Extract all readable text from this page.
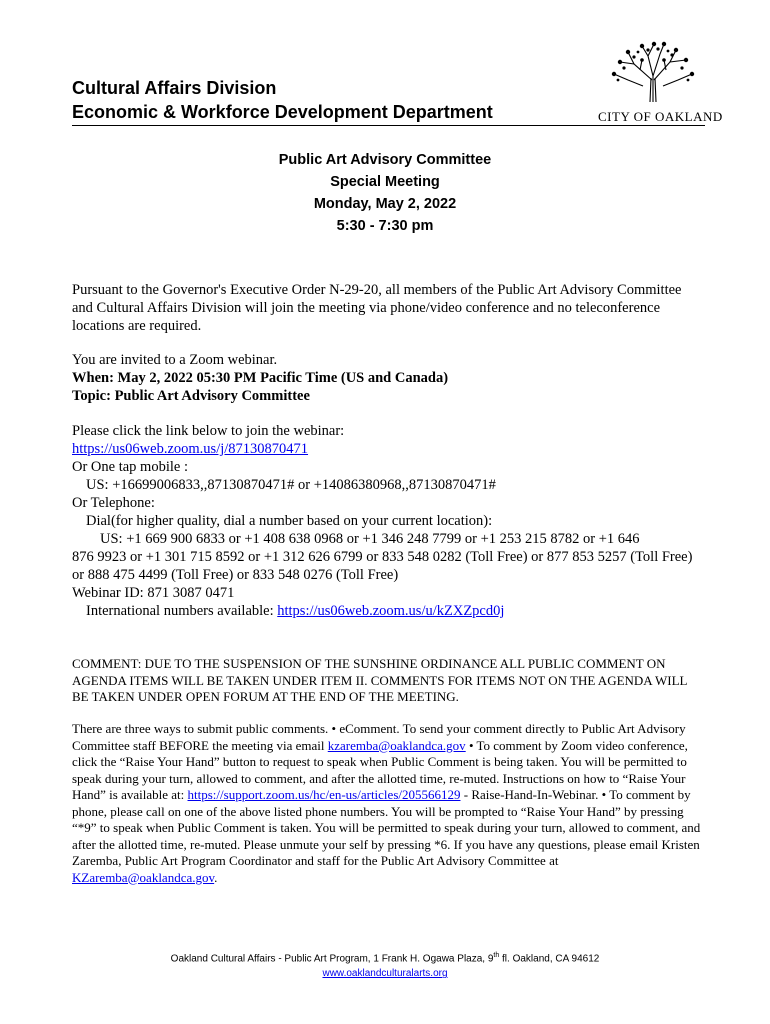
Cultural Affairs Division
Economic & Workforce Development Department	CITY OF OAKLAND
Public Art Advisory Committee
Special Meeting
Monday, May 2, 2022
5:30 - 7:30 pm
Pursuant to the Governor's Executive Order N-29-20, all members of the Public Art Advisory Committee and Cultural Affairs Division will join the meeting via phone/video conference and no teleconference locations are required.
You are invited to a Zoom webinar.
When: May 2, 2022 05:30 PM Pacific Time (US and Canada)
Topic: Public Art Advisory Committee
Please click the link below to join the webinar:
https://us06web.zoom.us/j/87130870471
Or One tap mobile :
US: +16699006833,,87130870471# or +14086380968,,87130870471#
Or Telephone:
Dial(for higher quality, dial a number based on your current location):
US: +1 669 900 6833 or +1 408 638 0968 or +1 346 248 7799 or +1 253 215 8782 or +1 646
876 9923 or +1 301 715 8592 or +1 312 626 6799 or 833 548 0282 (Toll Free) or 877 853 5257 (Toll Free) or 888 475 4499 (Toll Free) or 833 548 0276 (Toll Free)
Webinar ID: 871 3087 0471
International numbers available: https://us06web.zoom.us/u/kZXZpcd0j
COMMENT: DUE TO THE SUSPENSION OF THE SUNSHINE ORDINANCE ALL PUBLIC COMMENT ON AGENDA ITEMS WILL BE TAKEN UNDER ITEM II. COMMENTS FOR ITEMS NOT ON THE AGENDA WILL BE TAKEN UNDER OPEN FORUM AT THE END OF THE MEETING.
There are three ways to submit public comments. • eComment. To send your comment directly to Public Art Advisory Committee staff BEFORE the meeting via email kzaremba@oaklandca.gov • To comment by Zoom video conference, click the “Raise Your Hand” button to request to speak when Public Comment is being taken. You will be permitted to speak during your turn, allowed to comment, and after the allotted time, re-muted. Instructions on how to “Raise Your Hand” is available at: https://support.zoom.us/hc/en-us/articles/205566129 - Raise-Hand-In-Webinar. • To comment by phone, please call on one of the above listed phone numbers. You will be prompted to “Raise Your Hand” by pressing “*9” to speak when Public Comment is taken. You will be permitted to speak during your turn, allowed to comment, and after the allotted time, re-muted. Please unmute your self by pressing *6. If you have any questions, please email Kristen Zaremba, Public Art Program Coordinator and staff for the Public Art Advisory Committee at KZaremba@oaklandca.gov.
Oakland Cultural Affairs - Public Art Program, 1 Frank H. Ogawa Plaza, 9th fl. Oakland, CA 94612
www.oaklandculturalarts.org
